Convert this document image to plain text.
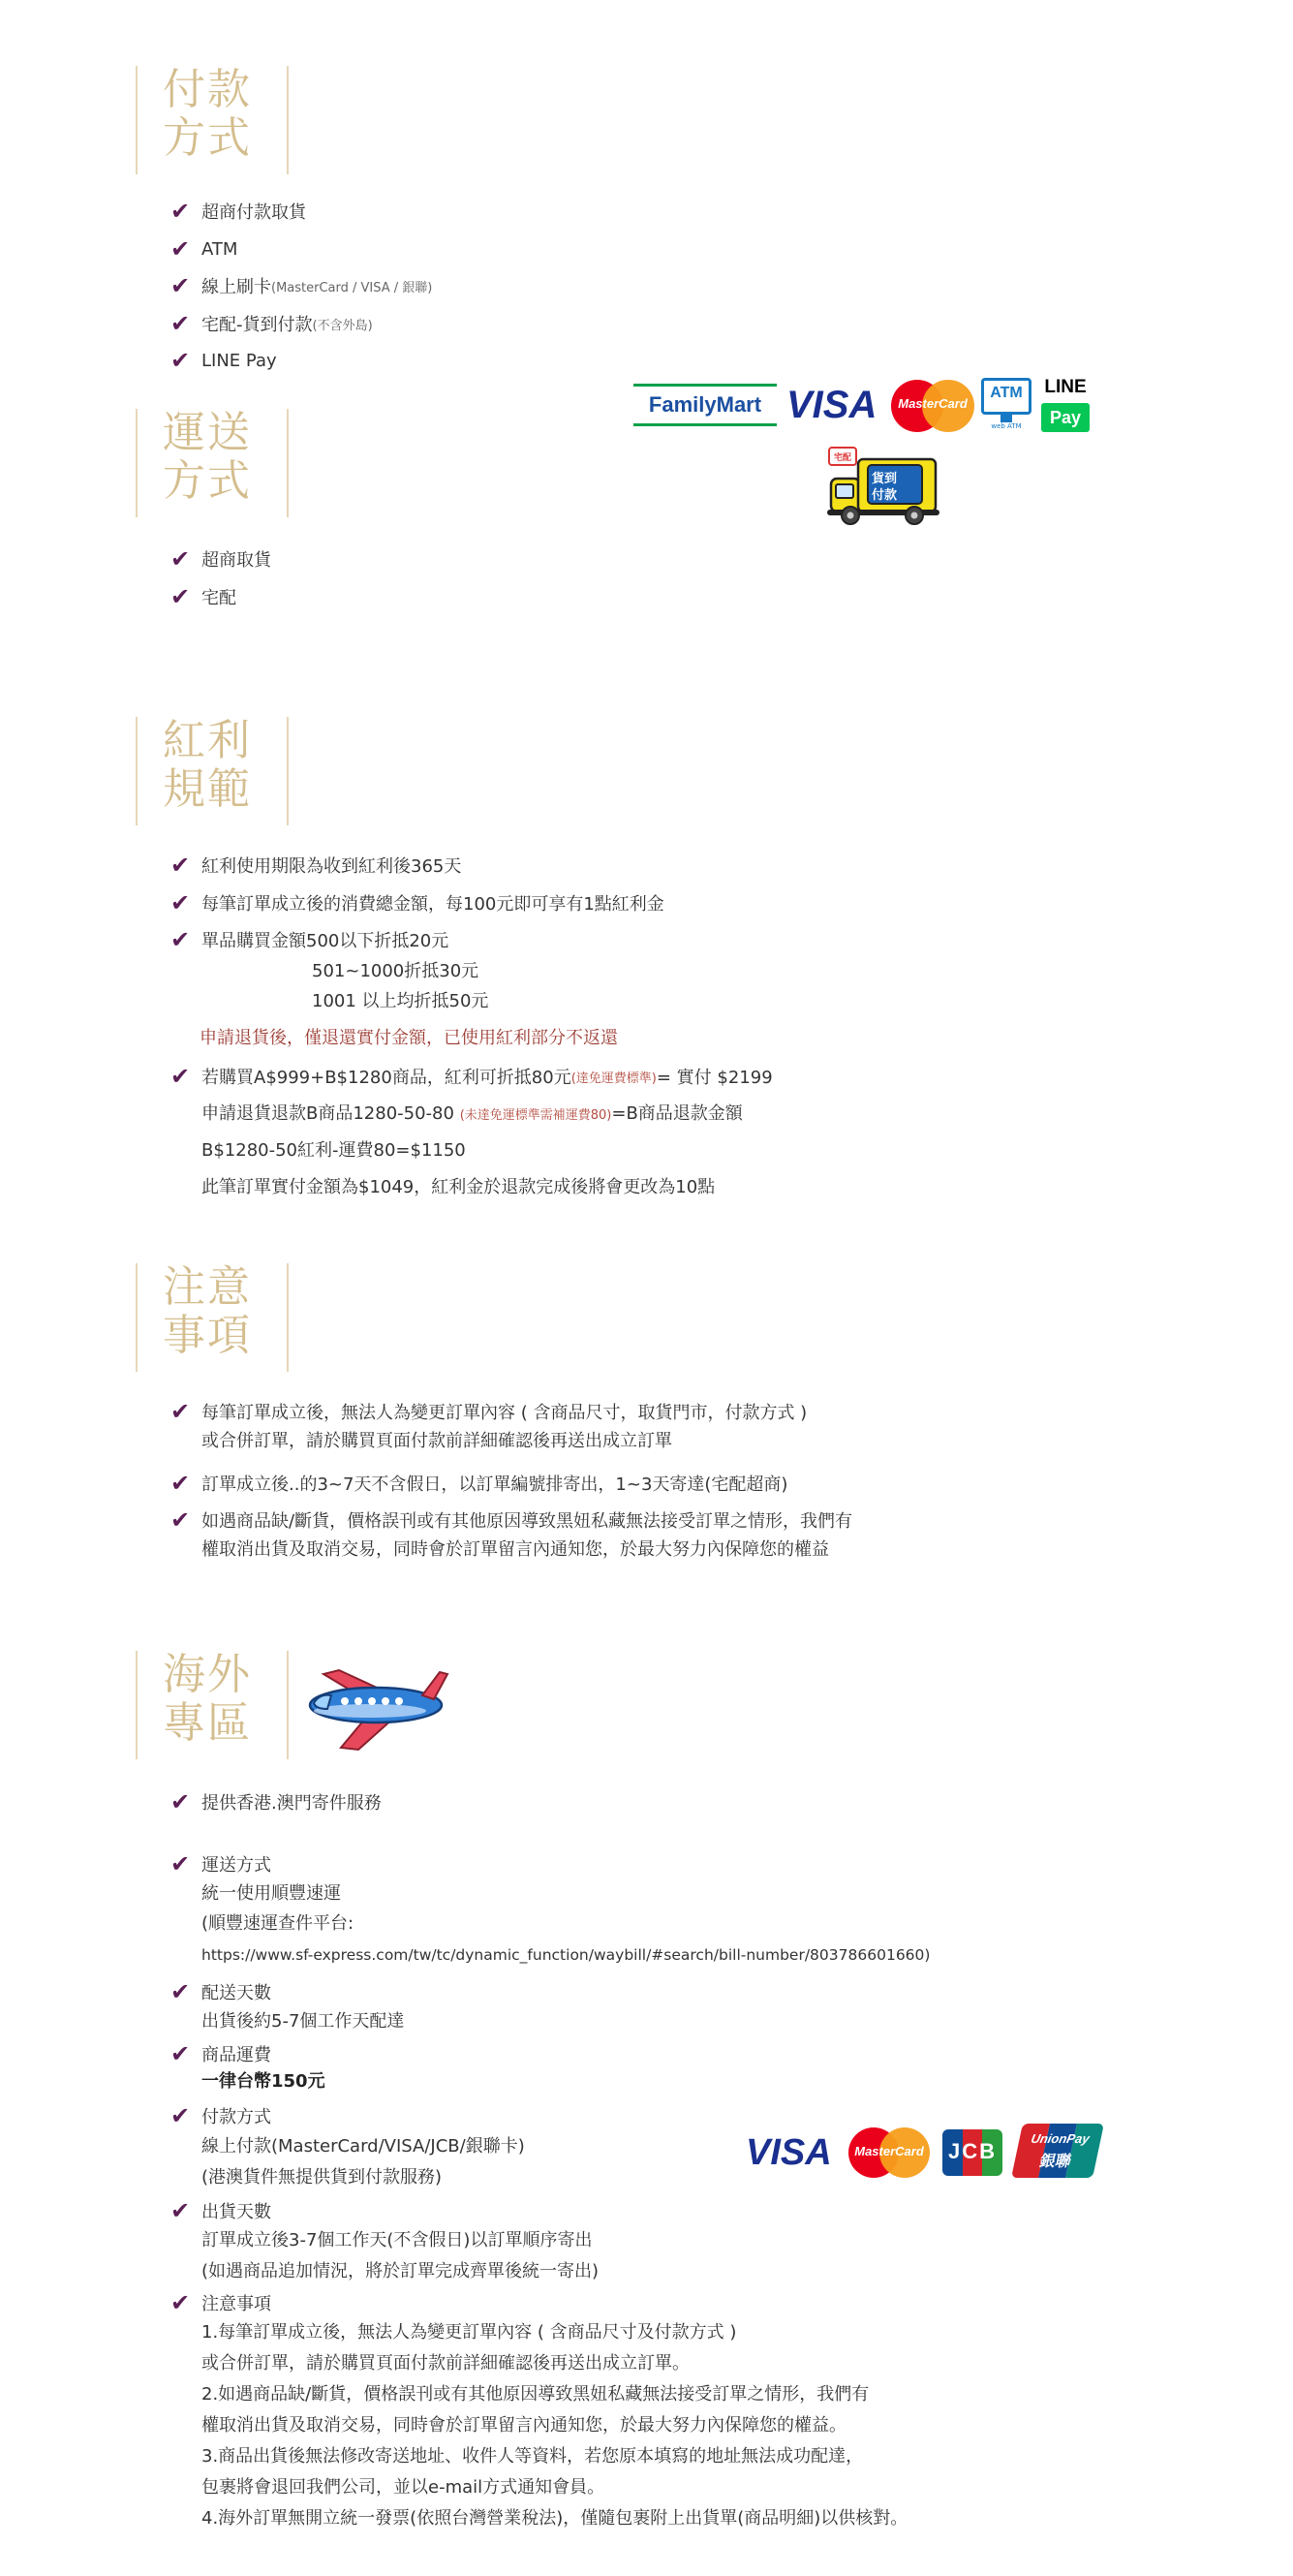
付款
方式
✔ 超商付款取貨
✔ ATM
✔ 線上刷卡 (MasterCard / VISA / 銀聯)
✔ 宅配-貨到付款 (不含外島)
✔ LINE Pay
FamilyMart VISA	MasterCard
ATM
web ATM
LINE
Pay
宅配
貨到
付款
運送
方式
✔ 超商取貨
✔ 宅配
紅利
規範
✔ 紅利使用期限為收到紅利後365天
✔ 每筆訂單成立後的消費總金額，每100元即可享有1點紅利金
✔ 單品購買金額500以下折抵20元
501~1000折抵30元
1001 以上均折抵50元
申請退貨後，僅退還實付金額，已使用紅利部分不返還
✔ 若購買A$999+B$1280商品，紅利可折抵80元 (達免運費標準) = 實付 $2199
申請退貨退款B商品1280-50-80 (未達免運標準需補運費80)=B商品退款金額
B$1280-50紅利-運費80=$1150
此筆訂單實付金額為$1049，紅利金於退款完成後將會更改為10點
注意
事項
✔ 每筆訂單成立後，無法人為變更訂單內容 ( 含商品尺寸，取貨門市，付款方式 )
或合併訂單，請於購買頁面付款前詳細確認後再送出成立訂單
✔ 訂單成立後..的3~7天不含假日，以訂單編號排寄出，1~3天寄達(宅配超商)
✔ 如遇商品缺/斷貨，價格誤刊或有其他原因導致黑妞私藏無法接受訂單之情形，我們有
權取消出貨及取消交易，同時會於訂單留言內通知您，於最大努力內保障您的權益
海外
專區
✔ 提供香港.澳門寄件服務
✔ 運送方式
統一使用順豐速運
(順豐速運查件平台:
https://www.sf-express.com/tw/tc/dynamic_function/waybill/#search/bill-number/803786601660)
✔ 配送天數
出貨後約5-7個工作天配達
✔ 商品運費
一律台幣150元
✔ 付款方式
線上付款(MasterCard/VISA/JCB/銀聯卡)
(港澳貨件無提供貨到付款服務)
VISA	MasterCard JCB
UnionPay
銀聯
✔ 出貨天數
訂單成立後3-7個工作天(不含假日)以訂單順序寄出
(如遇商品追加情況，將於訂單完成齊單後統一寄出)
✔ 注意事項
1.每筆訂單成立後，無法人為變更訂單內容 ( 含商品尺寸及付款方式 )
或合併訂單，請於購買頁面付款前詳細確認後再送出成立訂單。
2.如遇商品缺/斷貨，價格誤刊或有其他原因導致黑妞私藏無法接受訂單之情形，我們有
權取消出貨及取消交易，同時會於訂單留言內通知您，於最大努力內保障您的權益。
3.商品出貨後無法修改寄送地址、收件人等資料，若您原本填寫的地址無法成功配達，
包裹將會退回我們公司，並以e-mail方式通知會員。
4.海外訂單無開立統一發票(依照台灣營業稅法)，僅隨包裹附上出貨單(商品明細)以供核對。
